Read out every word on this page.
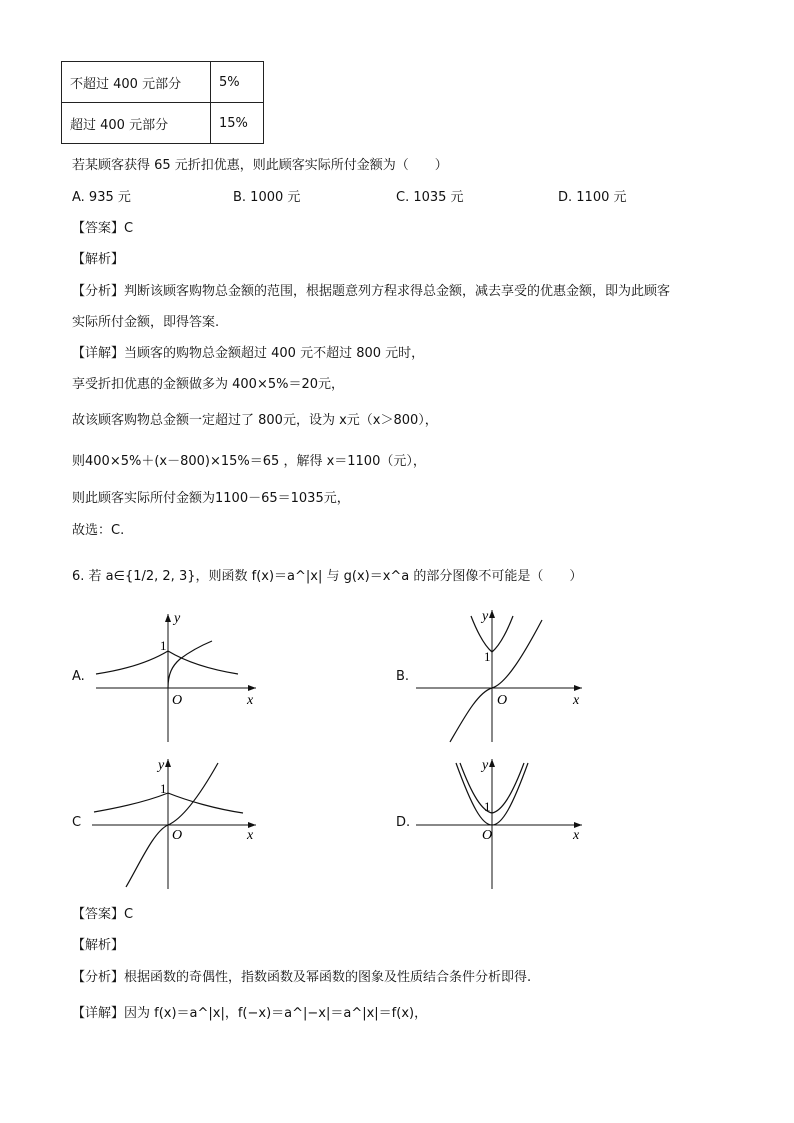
不超过 400 元部分	5%
超过 400 元部分	15%
若某顾客获得 65 元折扣优惠，则此顾客实际所付金额为（　　）
A. 935 元	B. 1000 元	C. 1035 元	D. 1100 元
【答案】C
【解析】
【分析】判断该顾客购物总金额的范围，根据题意列方程求得总金额，减去享受的优惠金额，即为此顾客
实际所付金额，即得答案.
【详解】当顾客的购物总金额超过 400 元不超过 800 元时，
享受折扣优惠的金额做多为 400×5%＝20元，
故该顾客购物总金额一定超过了 800元，设为 x元（x＞800），
则400×5%＋(x－800)×15%＝65 ，解得 x＝1100（元），
则此顾客实际所付金额为1100－65＝1035元，
故选：C.
6. 若 a∈{1/2, 2, 3}，则函数 f(x)＝a^|x| 与 g(x)＝x^a 的部分图像不可能是（　　）
A.
x
y
O
1
B.
x
y
O
1
C
x
y
O
1
D.
x
y
O
1
【答案】C
【解析】
【分析】根据函数的奇偶性，指数函数及幂函数的图象及性质结合条件分析即得.
【详解】因为 f(x)＝a^|x|，f(−x)＝a^|−x|＝a^|x|＝f(x)，
